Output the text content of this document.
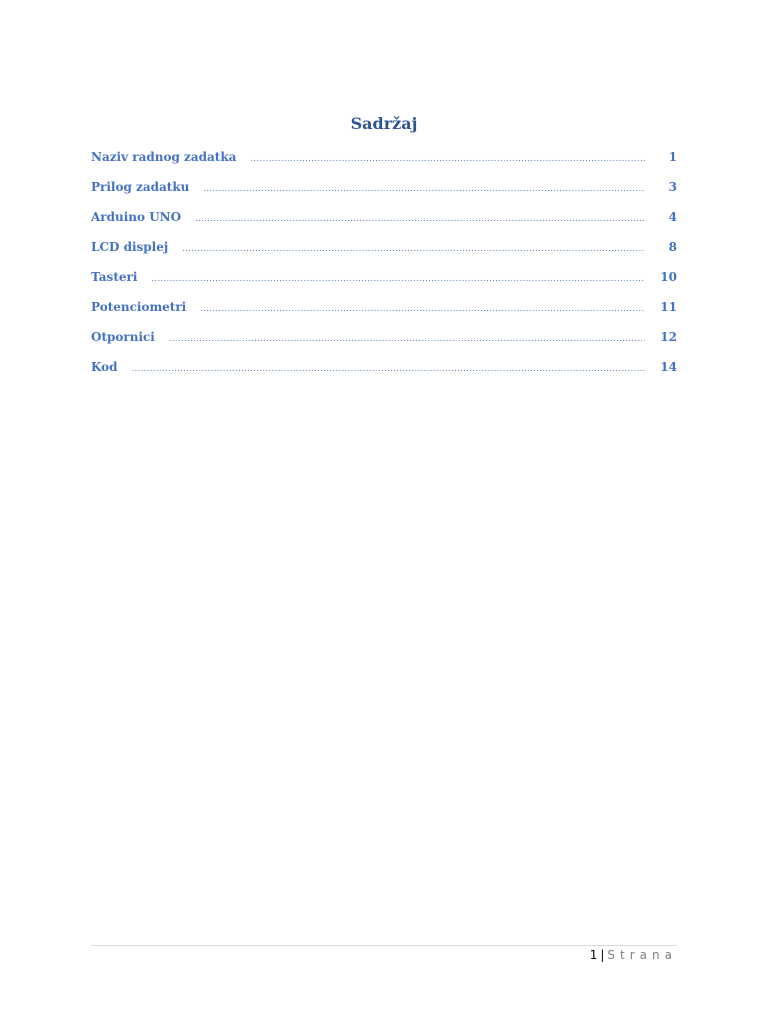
Sadržaj
Naziv radnog zadatka .....	1
Prilog zadatku .....	3
Arduino UNO .....	4
LCD displej .....	8
Tasteri .....	10
Potenciometri .....	11
Otpornici .....	12
Kod .....	14
1 | Strana
